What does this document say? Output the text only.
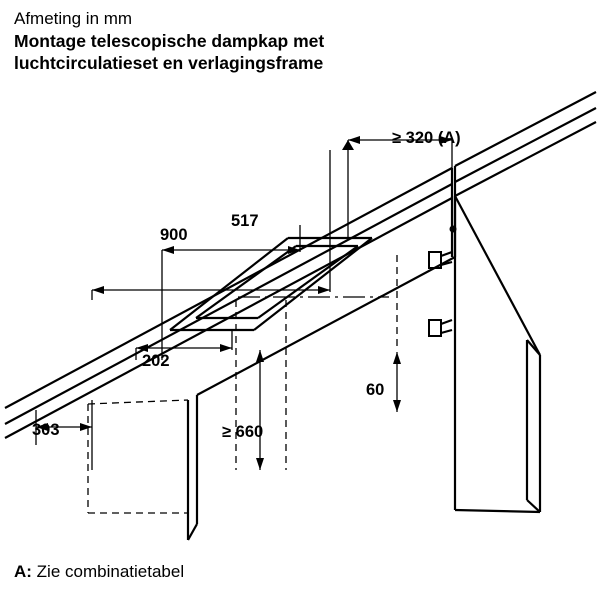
Afmeting in mm
Montage telescopische dampkap met
luchtcirculatieset en verlagingsframe
≥ 320 (A)
900
517
202
303	≥ 660
60
A: Zie combinatietabel
